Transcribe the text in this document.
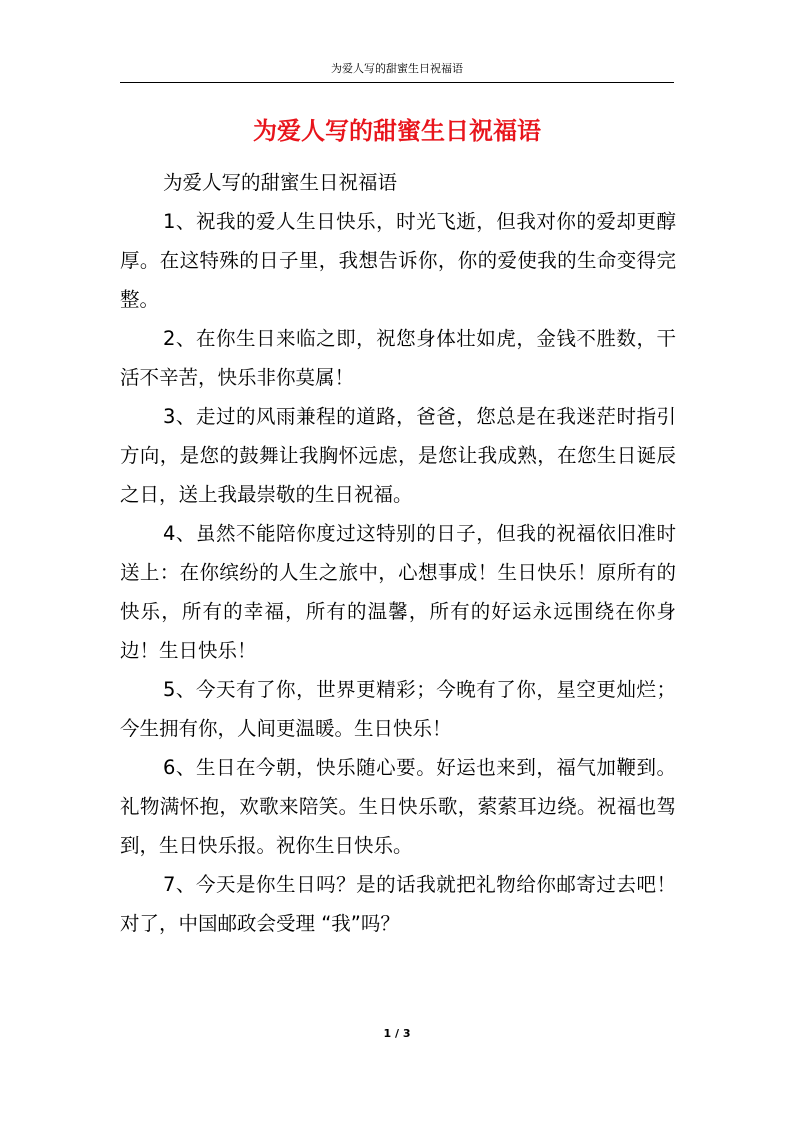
为爱人写的甜蜜生日祝福语
为爱人写的甜蜜生日祝福语

为爱人写的甜蜜生日祝福语

1、祝我的爱人生日快乐，时光飞逝，但我对你的爱却更醇厚。在这特殊的日子里，我想告诉你，你的爱使我的生命变得完整。

2、在你生日来临之即，祝您身体壮如虎，金钱不胜数，干活不辛苦，快乐非你莫属！

3、走过的风雨兼程的道路，爸爸，您总是在我迷茫时指引方向，是您的鼓舞让我胸怀远虑，是您让我成熟，在您生日诞辰之日，送上我最崇敬的生日祝福。

4、虽然不能陪你度过这特别的日子，但我的祝福依旧准时送上：在你缤纷的人生之旅中，心想事成！生日快乐！原所有的快乐，所有的幸福，所有的温馨，所有的好运永远围绕在你身边！生日快乐！

5、今天有了你，世界更精彩；今晚有了你，星空更灿烂；今生拥有你，人间更温暖。生日快乐！

6、生日在今朝，快乐随心要。好运也来到，福气加鞭到。礼物满怀抱，欢歌来陪笑。生日快乐歌，萦萦耳边绕。祝福也驾到，生日快乐报。祝你生日快乐。

7、今天是你生日吗？是的话我就把礼物给你邮寄过去吧！对了，中国邮政会受理 “我”吗？

1 / 3
